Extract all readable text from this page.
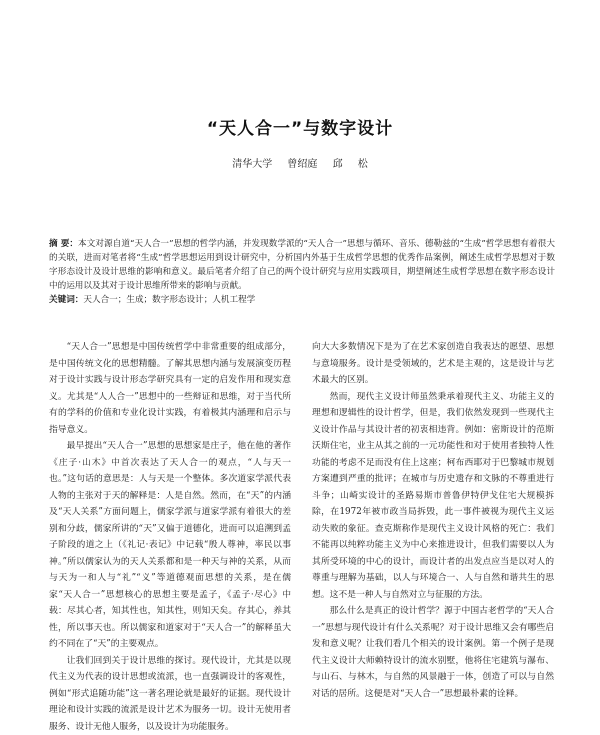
“天人合一”与数字设计
清华大学 曾绍庭 邱 松

摘 要：本文对源自道“天人合一”思想的哲学内涵，并发现数学派的“天人合一”思想与循环、音乐、德勒兹的“生成”哲学思想有着很大的关联，进而对笔者将“生成”哲学思想运用到设计研究中，分析国内外基于生成哲学思想的优秀作品案例，阐述生成哲学思想对于数字形态设计及设计思维的影响和意义。最后笔者介绍了自己的两个设计研究与应用实践项目，期望阐述生成哲学思想在数字形态设计中的运用以及其对于设计思维所带来的影响与贡献。

关键词：天人合一；生成；数字形态设计；人机工程学

“天人合一”思想是中国传统哲学中非常重要的组成部分，是中国传统文化的思想精髓。了解其思想内涵与发展演变历程对于设计实践与设计形态学研究具有一定的启发作用和现实意义。尤其是“人人合一”思想中的一些辩证和思维，对于当代所有的学科的价值和专业化设计实践，有着极其内涵理和启示与指导意义。

最早提出“天人合一”思想的思想家是庄子，他在他的著作《庄子·山木》中首次表达了天人合一的观点，“人与天一也。”这句话的意思是：人与天是一个整体。多次道家学派代表人物的主张对于天的解释是：人是自然。然而，在“天”的内涵及“天人关系”方面问题上，儒家学派与道家学派有着很大的差别和分歧，儒家所讲的“天”又偏于道德化，进而可以追溯到孟子阶段的道之上（《礼记·表记》中记载“殷人尊神，率民以事神。”所以儒家认为的天人关系都和是一种天与神的关系，从而与天为一和人与“礼”“义”等道德观面思想的关系，是在儒家“天人合一”思想核心的思想主要是孟子，《孟子·尽心》中载：尽其心者，知其性也，知其性，则知天矣。存其心，养其性，所以事天也。所以儒家和道家对于“天人合一”的解释虽大约不同在了“天”的主要观点。

让我们回到关于设计思维的探讨。现代设计，尤其是以现代主义为代表的设计思想或流派，也一直强调设计的客观性，例如“形式追随功能”这一著名理论就是最好的证据。现代设计理论和设计实践的流派是设计艺术为服务一切。设计无使用者服务、设计无他人服务，以及设计为功能服务。

向大大多数情况下是为了在艺术家创造自我表达的愿望、思想与意境服务。设计是受领域的，艺术是主观的，这是设计与艺术最大的区别。

然而，现代主义设计师虽然秉承着现代主义、功能主义的理想和逻辑性的设计哲学，但是，我们依然发现到一些现代主义设计作品与其设计者的初衷相违背。例如：密斯设计的范斯沃斯住宅，业主从其之前的一元功能性和对于使用者独特人性功能的考虑不足而没有住上这座；柯布西耶对于巴黎城市规划方案遭到严重的批评；在城市与历史遗存和文脉的不尊重进行斗争；山崎实设计的圣路易斯市普鲁伊特伊戈住宅大规模拆除，在1972年被市政当局拆毁，此一事件被视为现代主义运动失败的象征。查克斯称作是现代主义设计风格的死亡：我们不能再以纯粹功能主义为中心来推进设计，但我们需要以人为其所受环境的中心的设计，而设计者的出发点应当是以对人的尊重与理解为基础，以人与环境合一、人与自然和谐共生的思想。这不是一种人与自然对立与征服的方法。

那么什么是真正的设计哲学？源于中国古老哲学的“天人合一”思想与现代设计有什么关系呢？对于设计思维又会有哪些启发和意义呢？让我们看几个相关的设计案例。第一个例子是现代主义设计大师赖特设计的流水别墅，他将住宅建筑与瀑布、与山石、与林木，与自然的风景融于一体，创造了可以与自然对话的居所。这便是对“天人合一”思想最朴素的诠释。
